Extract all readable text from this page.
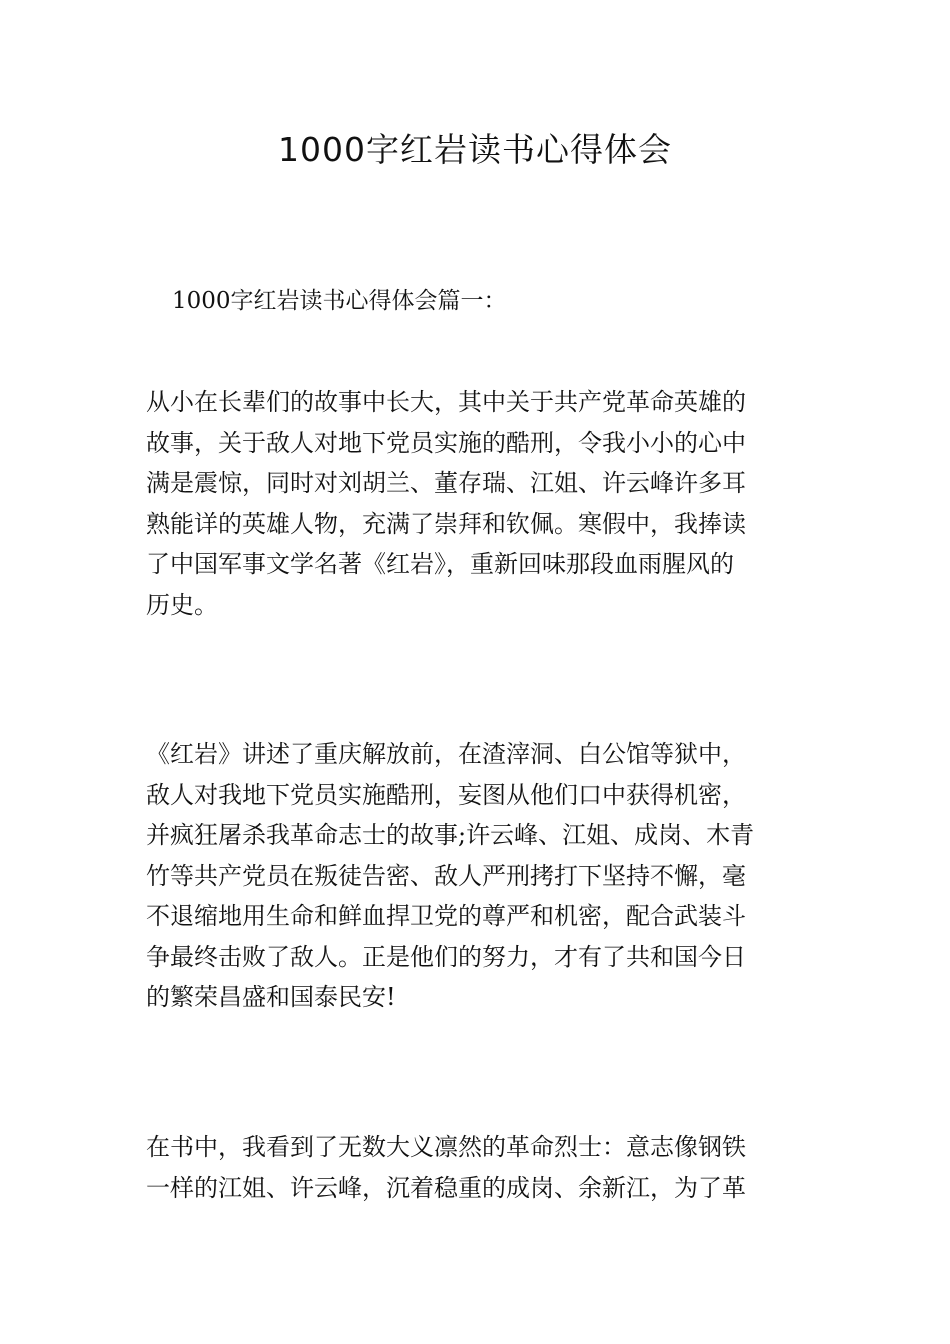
1000字红岩读书心得体会

1000字红岩读书心得体会篇一：

从小在长辈们的故事中长大，其中关于共产党革命英雄的
故事，关于敌人对地下党员实施的酷刑，令我小小的心中
满是震惊，同时对刘胡兰、董存瑞、江姐、许云峰许多耳
熟能详的英雄人物，充满了崇拜和钦佩。寒假中，我捧读
了中国军事文学名著《红岩》，重新回味那段血雨腥风的
历史。
《红岩》讲述了重庆解放前，在渣滓洞、白公馆等狱中，
敌人对我地下党员实施酷刑，妄图从他们口中获得机密，
并疯狂屠杀我革命志士的故事;许云峰、江姐、成岗、木青
竹等共产党员在叛徒告密、敌人严刑拷打下坚持不懈，毫
不退缩地用生命和鲜血捍卫党的尊严和机密，配合武装斗
争最终击败了敌人。正是他们的努力，才有了共和国今日
的繁荣昌盛和国泰民安!
在书中，我看到了无数大义凛然的革命烈士：意志像钢铁
一样的江姐、许云峰，沉着稳重的成岗、余新江，为了革
